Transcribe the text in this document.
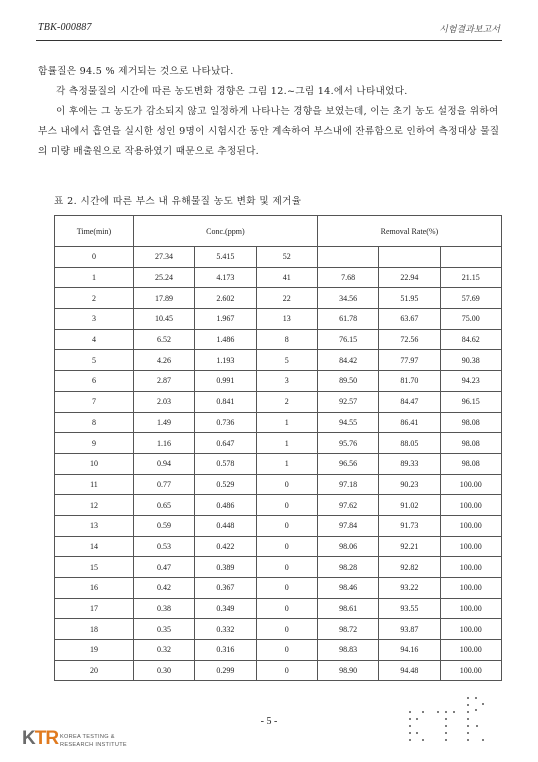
TBK-000887	시험결과보고서

함률질은 94.5 % 제거되는 것으로 나타났다.

각 측정물질의 시간에 따른 농도변화 경향은 그림 12.~그림 14.에서 나타내었다.

이 후에는 그 농도가 감소되지 않고 일정하게 나타나는 경향을 보였는데, 이는 초기 농도 설정을 위하여 부스 내에서 흡연을 실시한 성인 9명이 시험시간 동안 계속하여 부스내에 잔류함으로 인하여 측정대상 물질의 미량 배출원으로 작용하였기 때문으로 추정된다.

표 2. 시간에 따른 부스 내 유해물질 농도 변화 및 제거율
Time(min)	Conc.(ppm)			Removal Rate(%)		
0	27.34	5.415	52			
1	25.24	4.173	41	7.68	22.94	21.15
2	17.89	2.602	22	34.56	51.95	57.69
3	10.45	1.967	13	61.78	63.67	75.00
4	6.52	1.486	8	76.15	72.56	84.62
5	4.26	1.193	5	84.42	77.97	90.38
6	2.87	0.991	3	89.50	81.70	94.23
7	2.03	0.841	2	92.57	84.47	96.15
8	1.49	0.736	1	94.55	86.41	98.08
9	1.16	0.647	1	95.76	88.05	98.08
10	0.94	0.578	1	96.56	89.33	98.08
11	0.77	0.529	0	97.18	90.23	100.00
12	0.65	0.486	0	97.62	91.02	100.00
13	0.59	0.448	0	97.84	91.73	100.00
14	0.53	0.422	0	98.06	92.21	100.00
15	0.47	0.389	0	98.28	92.82	100.00
16	0.42	0.367	0	98.46	93.22	100.00
17	0.38	0.349	0	98.61	93.55	100.00
18	0.35	0.332	0	98.72	93.87	100.00
19	0.32	0.316	0	98.83	94.16	100.00
20	0.30	0.299	0	98.90	94.48	100.00
- 5 -
KTR KOREA TESTING &
RESEARCH INSTITUTE
